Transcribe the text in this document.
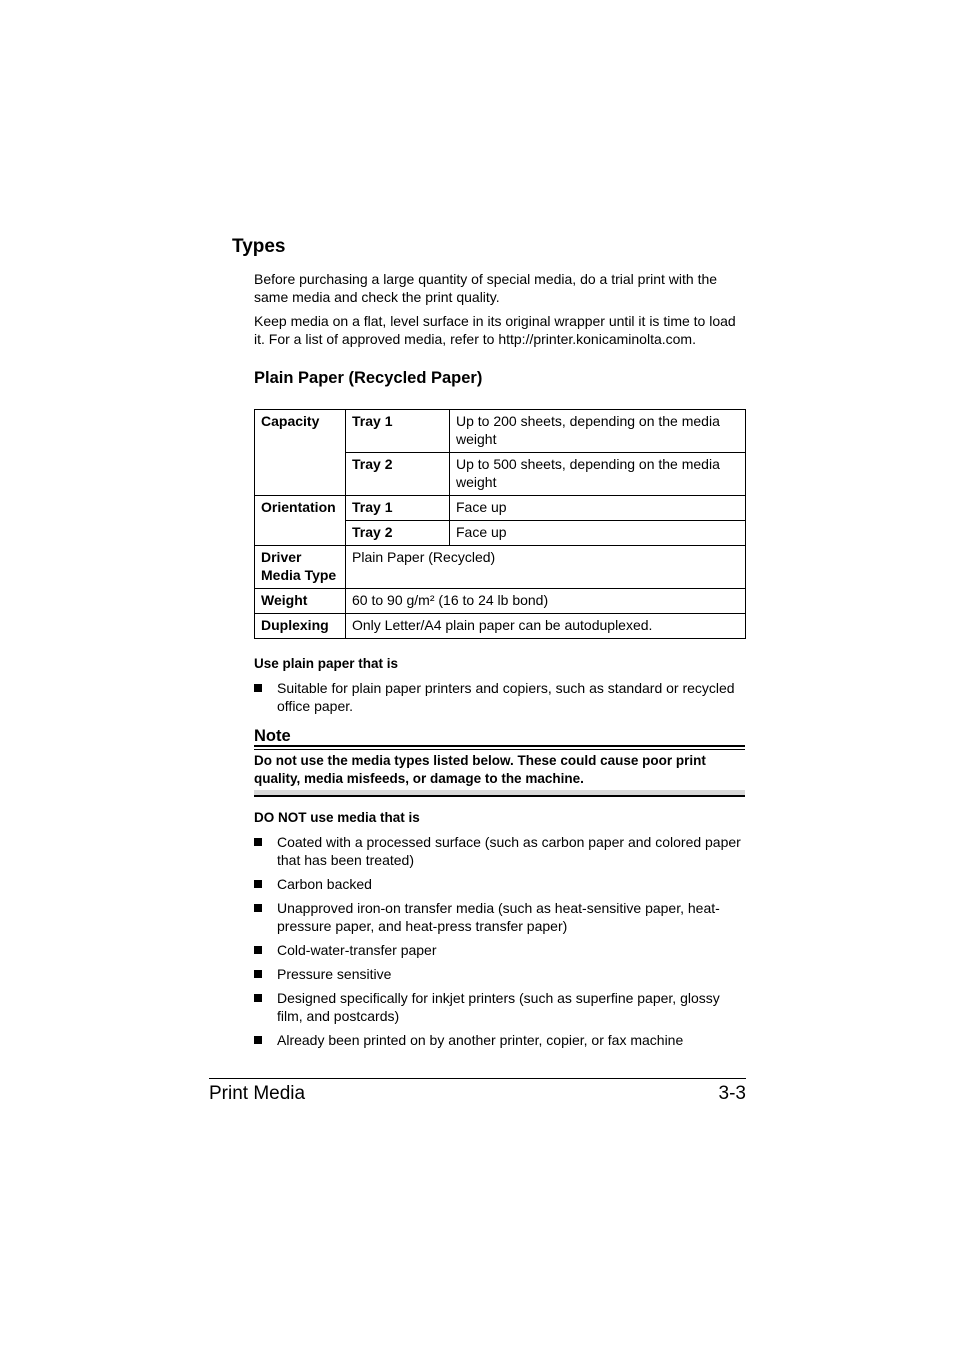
Types

Before purchasing a large quantity of special media, do a trial print with the same media and check the print quality.

Keep media on a flat, level surface in its original wrapper until it is time to load it. For a list of approved media, refer to http://printer.konicaminolta.com.

Plain Paper (Recycled Paper)
Capacity	Tray 1	Up to 200 sheets, depending on the media weight
	Tray 2	Up to 500 sheets, depending on the media weight
Orientation	Tray 1	Face up
	Tray 2	Face up
Driver
Media Type	Plain Paper (Recycled)	
Weight	60 to 90 g/m² (16 to 24 lb bond)	
Duplexing	Only Letter/A4 plain paper can be autoduplexed.	

Use plain paper that is

Suitable for plain paper printers and copiers, such as standard or recycled office paper.

Note

Do not use the media types listed below. These could cause poor print quality, media misfeeds, or damage to the machine.

DO NOT use media that is

Coated with a processed surface (such as carbon paper and colored paper that has been treated)
Carbon backed
Unapproved iron-on transfer media (such as heat-sensitive paper, heat-pressure paper, and heat-press transfer paper)
Cold-water-transfer paper
Pressure sensitive
Designed specifically for inkjet printers (such as superfine paper, glossy film, and postcards)
Already been printed on by another printer, copier, or fax machine

Print Media	3-3
